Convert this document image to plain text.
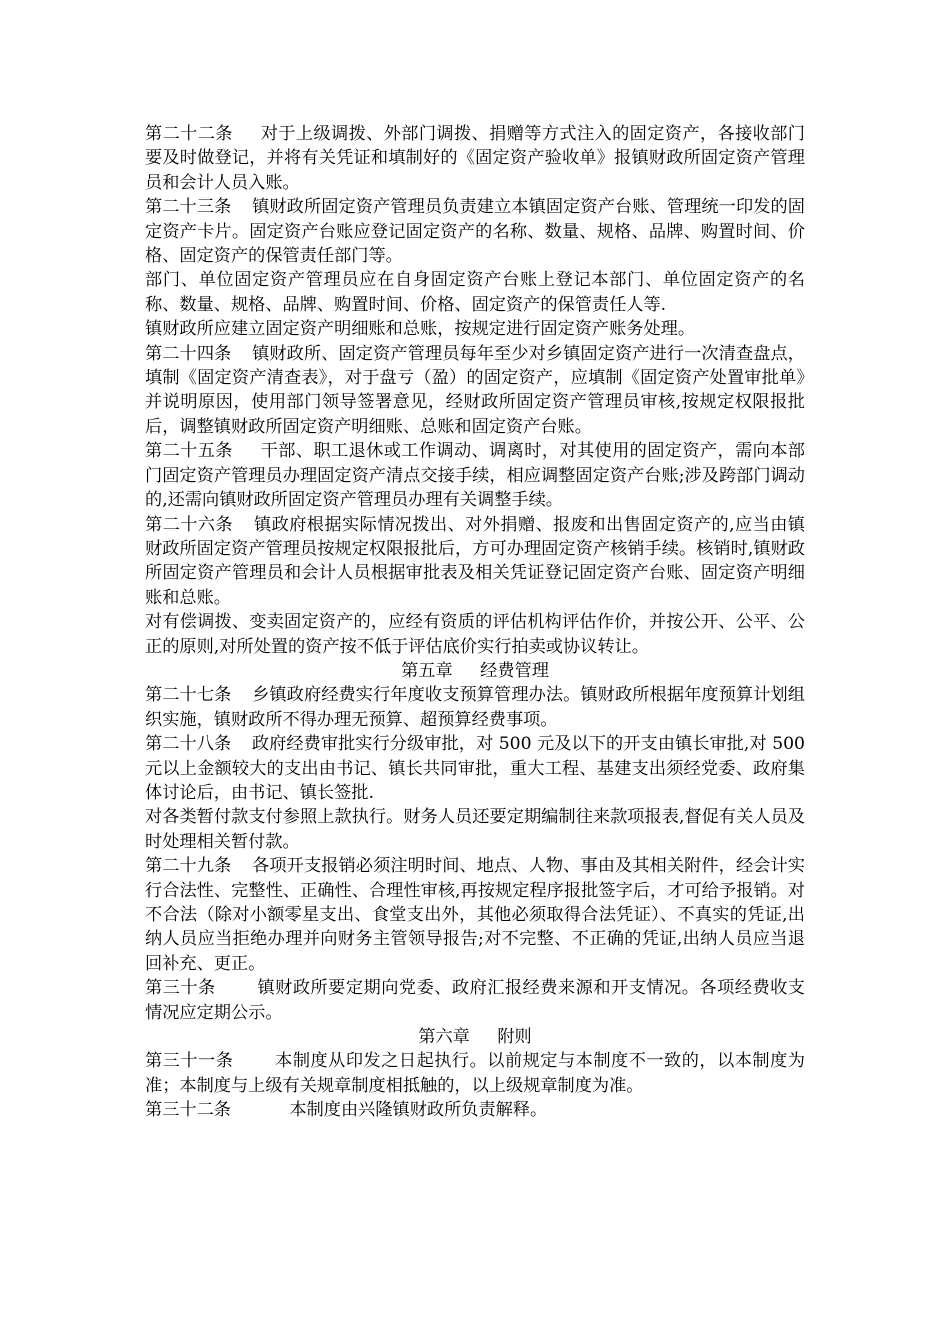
第二十二条 对于上级调拨、外部门调拨、捐赠等方式注入的固定资产，各接收部门要及时做登记，并将有关凭证和填制好的《固定资产验收单》报镇财政所固定资产管理员和会计人员入账。

第二十三条 镇财政所固定资产管理员负责建立本镇固定资产台账、管理统一印发的固定资产卡片。固定资产台账应登记固定资产的名称、数量、规格、品牌、购置时间、价格、固定资产的保管责任部门等。

部门、单位固定资产管理员应在自身固定资产台账上登记本部门、单位固定资产的名称、数量、规格、品牌、购置时间、价格、固定资产的保管责任人等.

镇财政所应建立固定资产明细账和总账，按规定进行固定资产账务处理。

第二十四条 镇财政所、固定资产管理员每年至少对乡镇固定资产进行一次清查盘点，填制《固定资产清查表》，对于盘亏（盈）的固定资产，应填制《固定资产处置审批单》并说明原因，使用部门领导签署意见，经财政所固定资产管理员审核,按规定权限报批后，调整镇财政所固定资产明细账、总账和固定资产台账。

第二十五条 干部、职工退休或工作调动、调离时，对其使用的固定资产，需向本部门固定资产管理员办理固定资产清点交接手续，相应调整固定资产台账;涉及跨部门调动的,还需向镇财政所固定资产管理员办理有关调整手续。

第二十六条 镇政府根据实际情况拨出、对外捐赠、报废和出售固定资产的,应当由镇财政所固定资产管理员按规定权限报批后，方可办理固定资产核销手续。核销时,镇财政所固定资产管理员和会计人员根据审批表及相关凭证登记固定资产台账、固定资产明细账和总账。

对有偿调拨、变卖固定资产的，应经有资质的评估机构评估作价，并按公开、公平、公正的原则,对所处置的资产按不低于评估底价实行拍卖或协议转让。

第五章 经费管理

第二十七条 乡镇政府经费实行年度收支预算管理办法。镇财政所根据年度预算计划组织实施，镇财政所不得办理无预算、超预算经费事项。

第二十八条 政府经费审批实行分级审批，对 500 元及以下的开支由镇长审批,对 500 元以上金额较大的支出由书记、镇长共同审批，重大工程、基建支出须经党委、政府集体讨论后，由书记、镇长签批.

对各类暂付款支付参照上款执行。财务人员还要定期编制往来款项报表,督促有关人员及时处理相关暂付款。

第二十九条 各项开支报销必须注明时间、地点、人物、事由及其相关附件，经会计实行合法性、完整性、正确性、合理性审核,再按规定程序报批签字后，才可给予报销。对不合法（除对小额零星支出、食堂支出外，其他必须取得合法凭证）、不真实的凭证,出纳人员应当拒绝办理并向财务主管领导报告;对不完整、不正确的凭证,出纳人员应当退回补充、更正。

第三十条 镇财政所要定期向党委、政府汇报经费来源和开支情况。各项经费收支情况应定期公示。

第六章 附则

第三十一条 本制度从印发之日起执行。以前规定与本制度不一致的，以本制度为准；本制度与上级有关规章制度相抵触的，以上级规章制度为准。

第三十二条	本制度由兴隆镇财政所负责解释。
